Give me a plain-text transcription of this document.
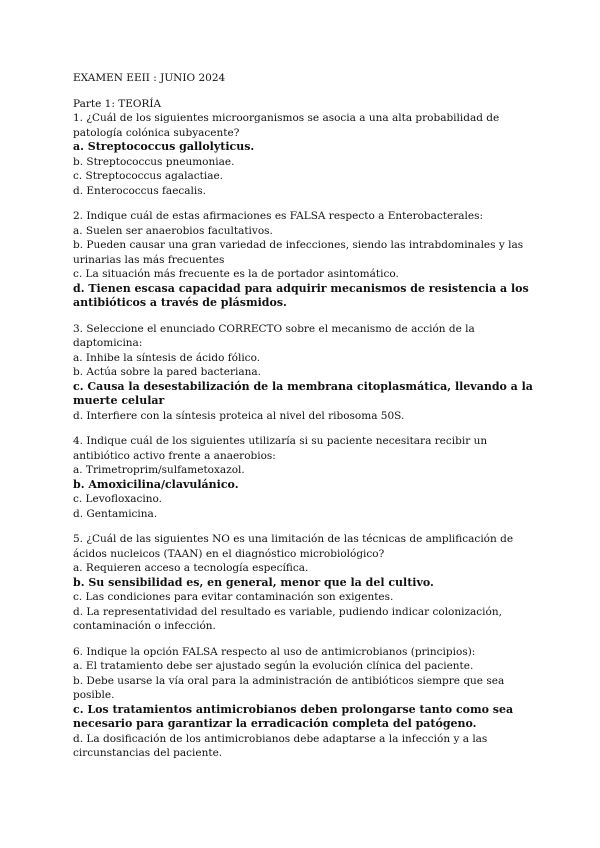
EXAMEN EEII : JUNIO 2024

Parte 1: TEORÍA

1. ¿Cuál de los siguientes microorganismos se asocia a una alta probabilidad de patología colónica subyacente?

a. Streptococcus gallolyticus.

b. Streptococcus pneumoniae.

c. Streptococcus agalactiae.

d. Enterococcus faecalis.

2. Indique cuál de estas afirmaciones es FALSA respecto a Enterobacterales:

a. Suelen ser anaerobios facultativos.

b. Pueden causar una gran variedad de infecciones, siendo las intrabdominales y las urinarias las más frecuentes

c. La situación más frecuente es la de portador asintomático.

d. Tienen escasa capacidad para adquirir mecanismos de resistencia a los antibióticos a través de plásmidos.

3. Seleccione el enunciado CORRECTO sobre el mecanismo de acción de la daptomicina:

a. Inhibe la síntesis de ácido fólico.

b. Actúa sobre la pared bacteriana.

c. Causa la desestabilización de la membrana citoplasmática, llevando a la muerte celular

d. Interfiere con la síntesis proteica al nivel del ribosoma 50S.

4. Indique cuál de los siguientes utilizaría si su paciente necesitara recibir un antibiótico activo frente a anaerobios:

a. Trimetroprim/sulfametoxazol.

b. Amoxicilina/clavulánico.

c. Levofloxacino.

d. Gentamicina.

5. ¿Cuál de las siguientes NO es una limitación de las técnicas de amplificación de ácidos nucleicos (TAAN) en el diagnóstico microbiológico?

a. Requieren acceso a tecnología específica.

b. Su sensibilidad es, en general, menor que la del cultivo.

c. Las condiciones para evitar contaminación son exigentes.

d. La representatividad del resultado es variable, pudiendo indicar colonización, contaminación o infección.

6. Indique la opción FALSA respecto al uso de antimicrobianos (principios):

a. El tratamiento debe ser ajustado según la evolución clínica del paciente.

b. Debe usarse la vía oral para la administración de antibióticos siempre que sea posible.

c. Los tratamientos antimicrobianos deben prolongarse tanto como sea necesario para garantizar la erradicación completa del patógeno.

d. La dosificación de los antimicrobianos debe adaptarse a la infección y a las circunstancias del paciente.
